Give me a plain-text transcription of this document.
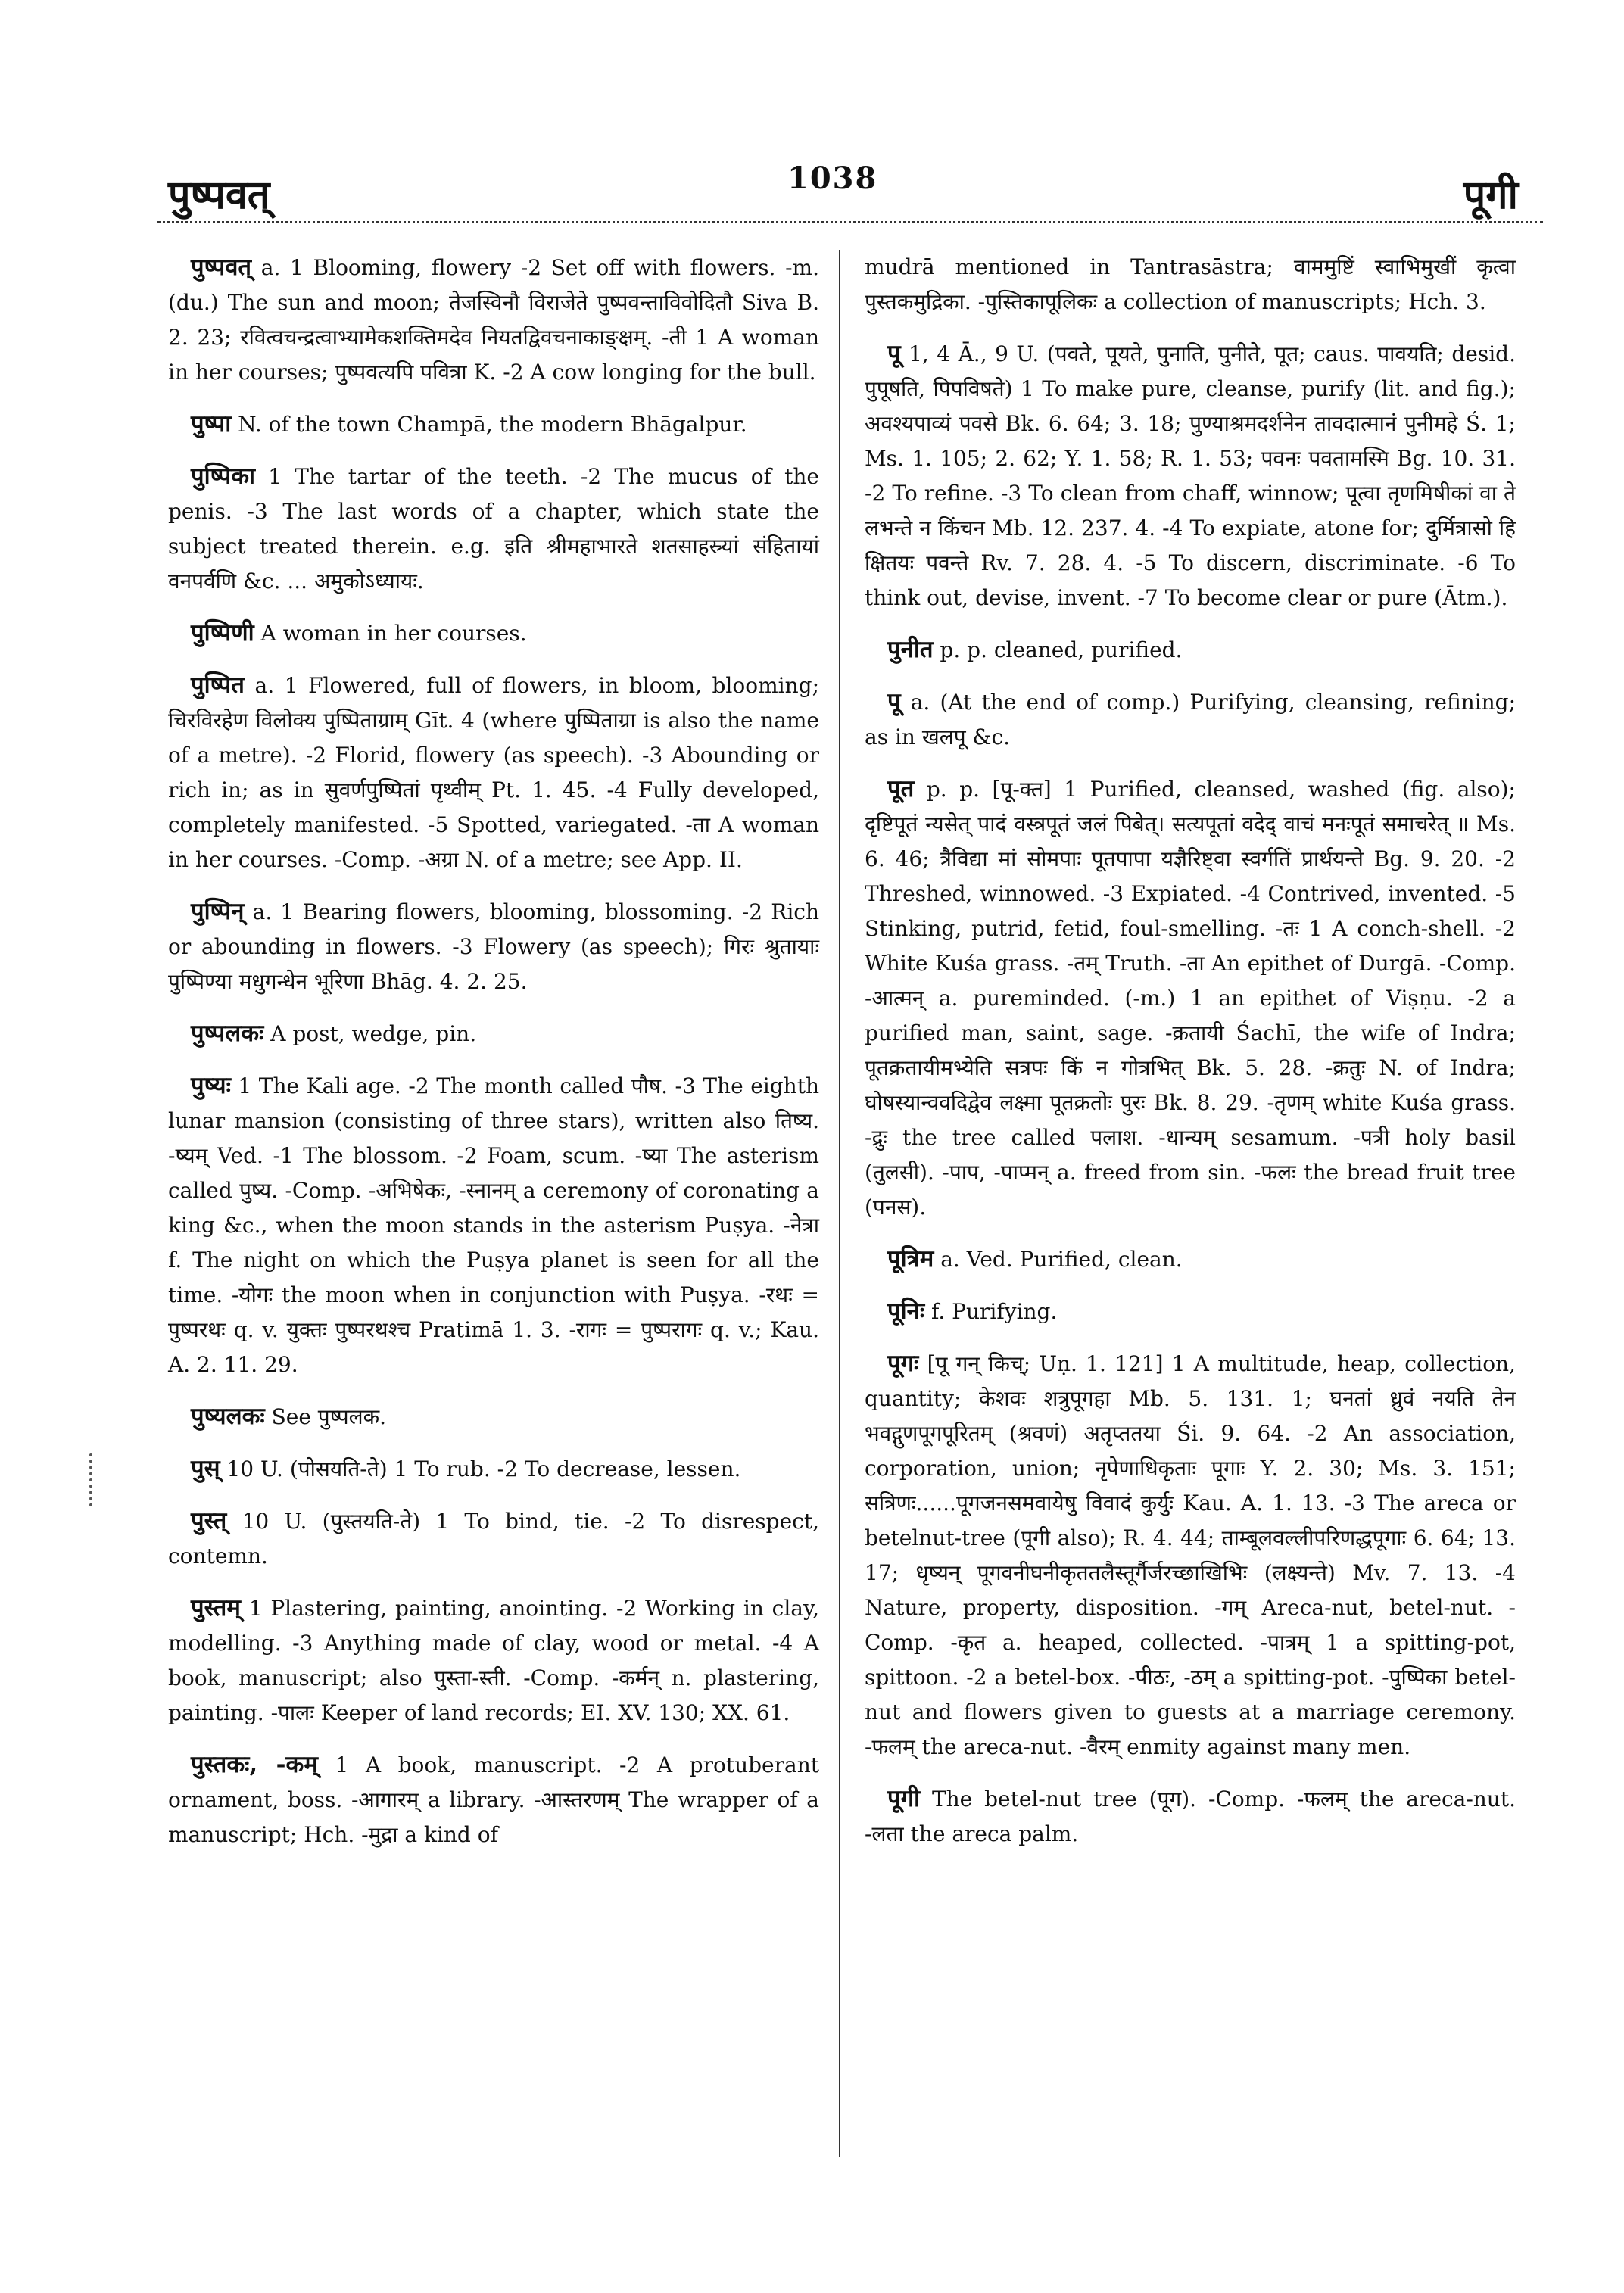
पुष्पवत्	1038	पूगी

पुष्पवत् a. 1 Blooming, flowery -2 Set off with flowers. -m. (du.) The sun and moon; तेजस्विनौ विराजेते पुष्पवन्ताविवोदितौ Siva B. 2. 23; रवित्वचन्द्रत्वाभ्यामेकशक्तिमदेव नियतद्विवचनाकाङ्क्षम्. -ती 1 A woman in her courses; पुष्पवत्यपि पवित्रा K. -2 A cow longing for the bull.

पुष्पा N. of the town Champā, the modern Bhāgalpur.

पुष्पिका 1 The tartar of the teeth. -2 The mucus of the penis. -3 The last words of a chapter, which state the subject treated therein. e.g. इति श्रीमहाभारते शतसाहस्र्यां संहितायां वनपर्वणि &c. ... अमुकोऽध्यायः.

पुष्पिणी A woman in her courses.

पुष्पित a. 1 Flowered, full of flowers, in bloom, blooming; चिरविरहेण विलोक्य पुष्पिताग्राम् Gīt. 4 (where पुष्पिताग्रा is also the name of a metre). -2 Florid, flowery (as speech). -3 Abounding or rich in; as in सुवर्णपुष्पितां पृथ्वीम् Pt. 1. 45. -4 Fully developed, completely manifested. -5 Spotted, variegated. -ता A woman in her courses. -Comp. -अग्रा N. of a metre; see App. II.

पुष्पिन् a. 1 Bearing flowers, blooming, blossoming. -2 Rich or abounding in flowers. -3 Flowery (as speech); गिरः श्रुतायाः पुष्पिण्या मधुगन्धेन भूरिणा Bhāg. 4. 2. 25.

पुष्पलकः A post, wedge, pin.

पुष्यः 1 The Kali age. -2 The month called पौष. -3 The eighth lunar mansion (consisting of three stars), written also तिष्य. -ष्यम् Ved. -1 The blossom. -2 Foam, scum. -ष्या The asterism called पुष्य. -Comp. -अभिषेकः, -स्नानम् a ceremony of coronating a king &c., when the moon stands in the asterism Puṣya. -नेत्रा f. The night on which the Puṣya planet is seen for all the time. -योगः the moon when in conjunction with Puṣya. -रथः = पुष्परथः q. v. युक्तः पुष्परथश्च Pratimā 1. 3. -रागः = पुष्परागः q. v.; Kau. A. 2. 11. 29.

पुष्यलकः See पुष्पलक.

पुस् 10 U. (पोसयति-ते) 1 To rub. -2 To decrease, lessen.

पुस्त् 10 U. (पुस्तयति-ते) 1 To bind, tie. -2 To disrespect, contemn.

पुस्तम् 1 Plastering, painting, anointing. -2 Working in clay, modelling. -3 Anything made of clay, wood or metal. -4 A book, manuscript; also पुस्ता-स्ती. -Comp. -कर्मन् n. plastering, painting. -पालः Keeper of land records; EI. XV. 130; XX. 61.

पुस्तकः, -कम् 1 A book, manuscript. -2 A protuberant ornament, boss. -आगारम् a library. -आस्तरणम् The wrapper of a manuscript; Hch. -मुद्रा a kind of

mudrā mentioned in Tantrasāstra; वाममुष्टिं स्वाभिमुखीं कृत्वा पुस्तकमुद्रिका. -पुस्तिकापूलिकः a collection of manuscripts; Hch. 3.

पू 1, 4 Ā., 9 U. (पवते, पूयते, पुनाति, पुनीते, पूत; caus. पावयति; desid. पुपूषति, पिपविषते) 1 To make pure, cleanse, purify (lit. and fig.); अवश्यपाव्यं पवसे Bk. 6. 64; 3. 18; पुण्याश्रमदर्शनेन तावदात्मानं पुनीमहे Ś. 1; Ms. 1. 105; 2. 62; Y. 1. 58; R. 1. 53; पवनः पवतामस्मि Bg. 10. 31. -2 To refine. -3 To clean from chaff, winnow; पूत्वा तृणमिषीकां वा ते लभन्ते न किंचन Mb. 12. 237. 4. -4 To expiate, atone for; दुर्मित्रासो हि क्षितयः पवन्ते Rv. 7. 28. 4. -5 To discern, discriminate. -6 To think out, devise, invent. -7 To become clear or pure (Ātm.).

पुनीत p. p. cleaned, purified.

पू a. (At the end of comp.) Purifying, cleansing, refining; as in खलपू &c.

पूत p. p. [पू-क्त] 1 Purified, cleansed, washed (fig. also); दृष्टिपूतं न्यसेत् पादं वस्त्रपूतं जलं पिबेत्। सत्यपूतां वदेद् वाचं मनःपूतं समाचरेत् ॥ Ms. 6. 46; त्रैविद्या मां सोमपाः पूतपापा यज्ञैरिष्ट्वा स्वर्गतिं प्रार्थयन्ते Bg. 9. 20. -2 Threshed, winnowed. -3 Expiated. -4 Contrived, invented. -5 Stinking, putrid, fetid, foul-smelling. -तः 1 A conch-shell. -2 White Kuśa grass. -तम् Truth. -ता An epithet of Durgā. -Comp. -आत्मन् a. pureminded. (-m.) 1 an epithet of Viṣṇu. -2 a purified man, saint, sage. -क्रतायी Śachī, the wife of Indra; पूतक्रतायीमभ्येति सत्रपः किं न गोत्रभित् Bk. 5. 28. -क्रतुः N. of Indra; घोषस्यान्ववदिद्वेव लक्ष्मा पूतक्रतोः पुरः Bk. 8. 29. -तृणम् white Kuśa grass. -द्रुः the tree called पलाश. -धान्यम् sesamum. -पत्री holy basil (तुलसी). -पाप, -पाप्मन् a. freed from sin. -फलः the bread fruit tree (पनस).

पूत्रिम a. Ved. Purified, clean.

पूनिः f. Purifying.

पूगः [पू गन् किच्; Uṇ. 1. 121] 1 A multitude, heap, collection, quantity; केशवः शत्रुपूगहा Mb. 5. 131. 1; घनतां ध्रुवं नयति तेन भवद्गुणपूगपूरितम् (श्रवणं) अतृप्ततया Śi. 9. 64. -2 An association, corporation, union; नृपेणाधिकृताः पूगाः Y. 2. 30; Ms. 3. 151; सत्रिणः......पूगजनसमवायेषु विवादं कुर्युः Kau. A. 1. 13. -3 The areca or betelnut-tree (पूगी also); R. 4. 44; ताम्बूलवल्लीपरिणद्धपूगाः 6. 64; 13. 17; धृष्यन् पूगवनीघनीकृततलैस्तूर्गैर्जरच्छाखिभिः (लक्ष्यन्ते) Mv. 7. 13. -4 Nature, property, disposition. -गम् Areca-nut, betel-nut. -Comp. -कृत a. heaped, collected. -पात्रम् 1 a spitting-pot, spittoon. -2 a betel-box. -पीठः, -ठम् a spitting-pot. -पुष्पिका betel-nut and flowers given to guests at a marriage ceremony. -फलम् the areca-nut. -वैरम् enmity against many men.

पूगी The betel-nut tree (पूग). -Comp. -फलम् the areca-nut. -लता the areca palm.
